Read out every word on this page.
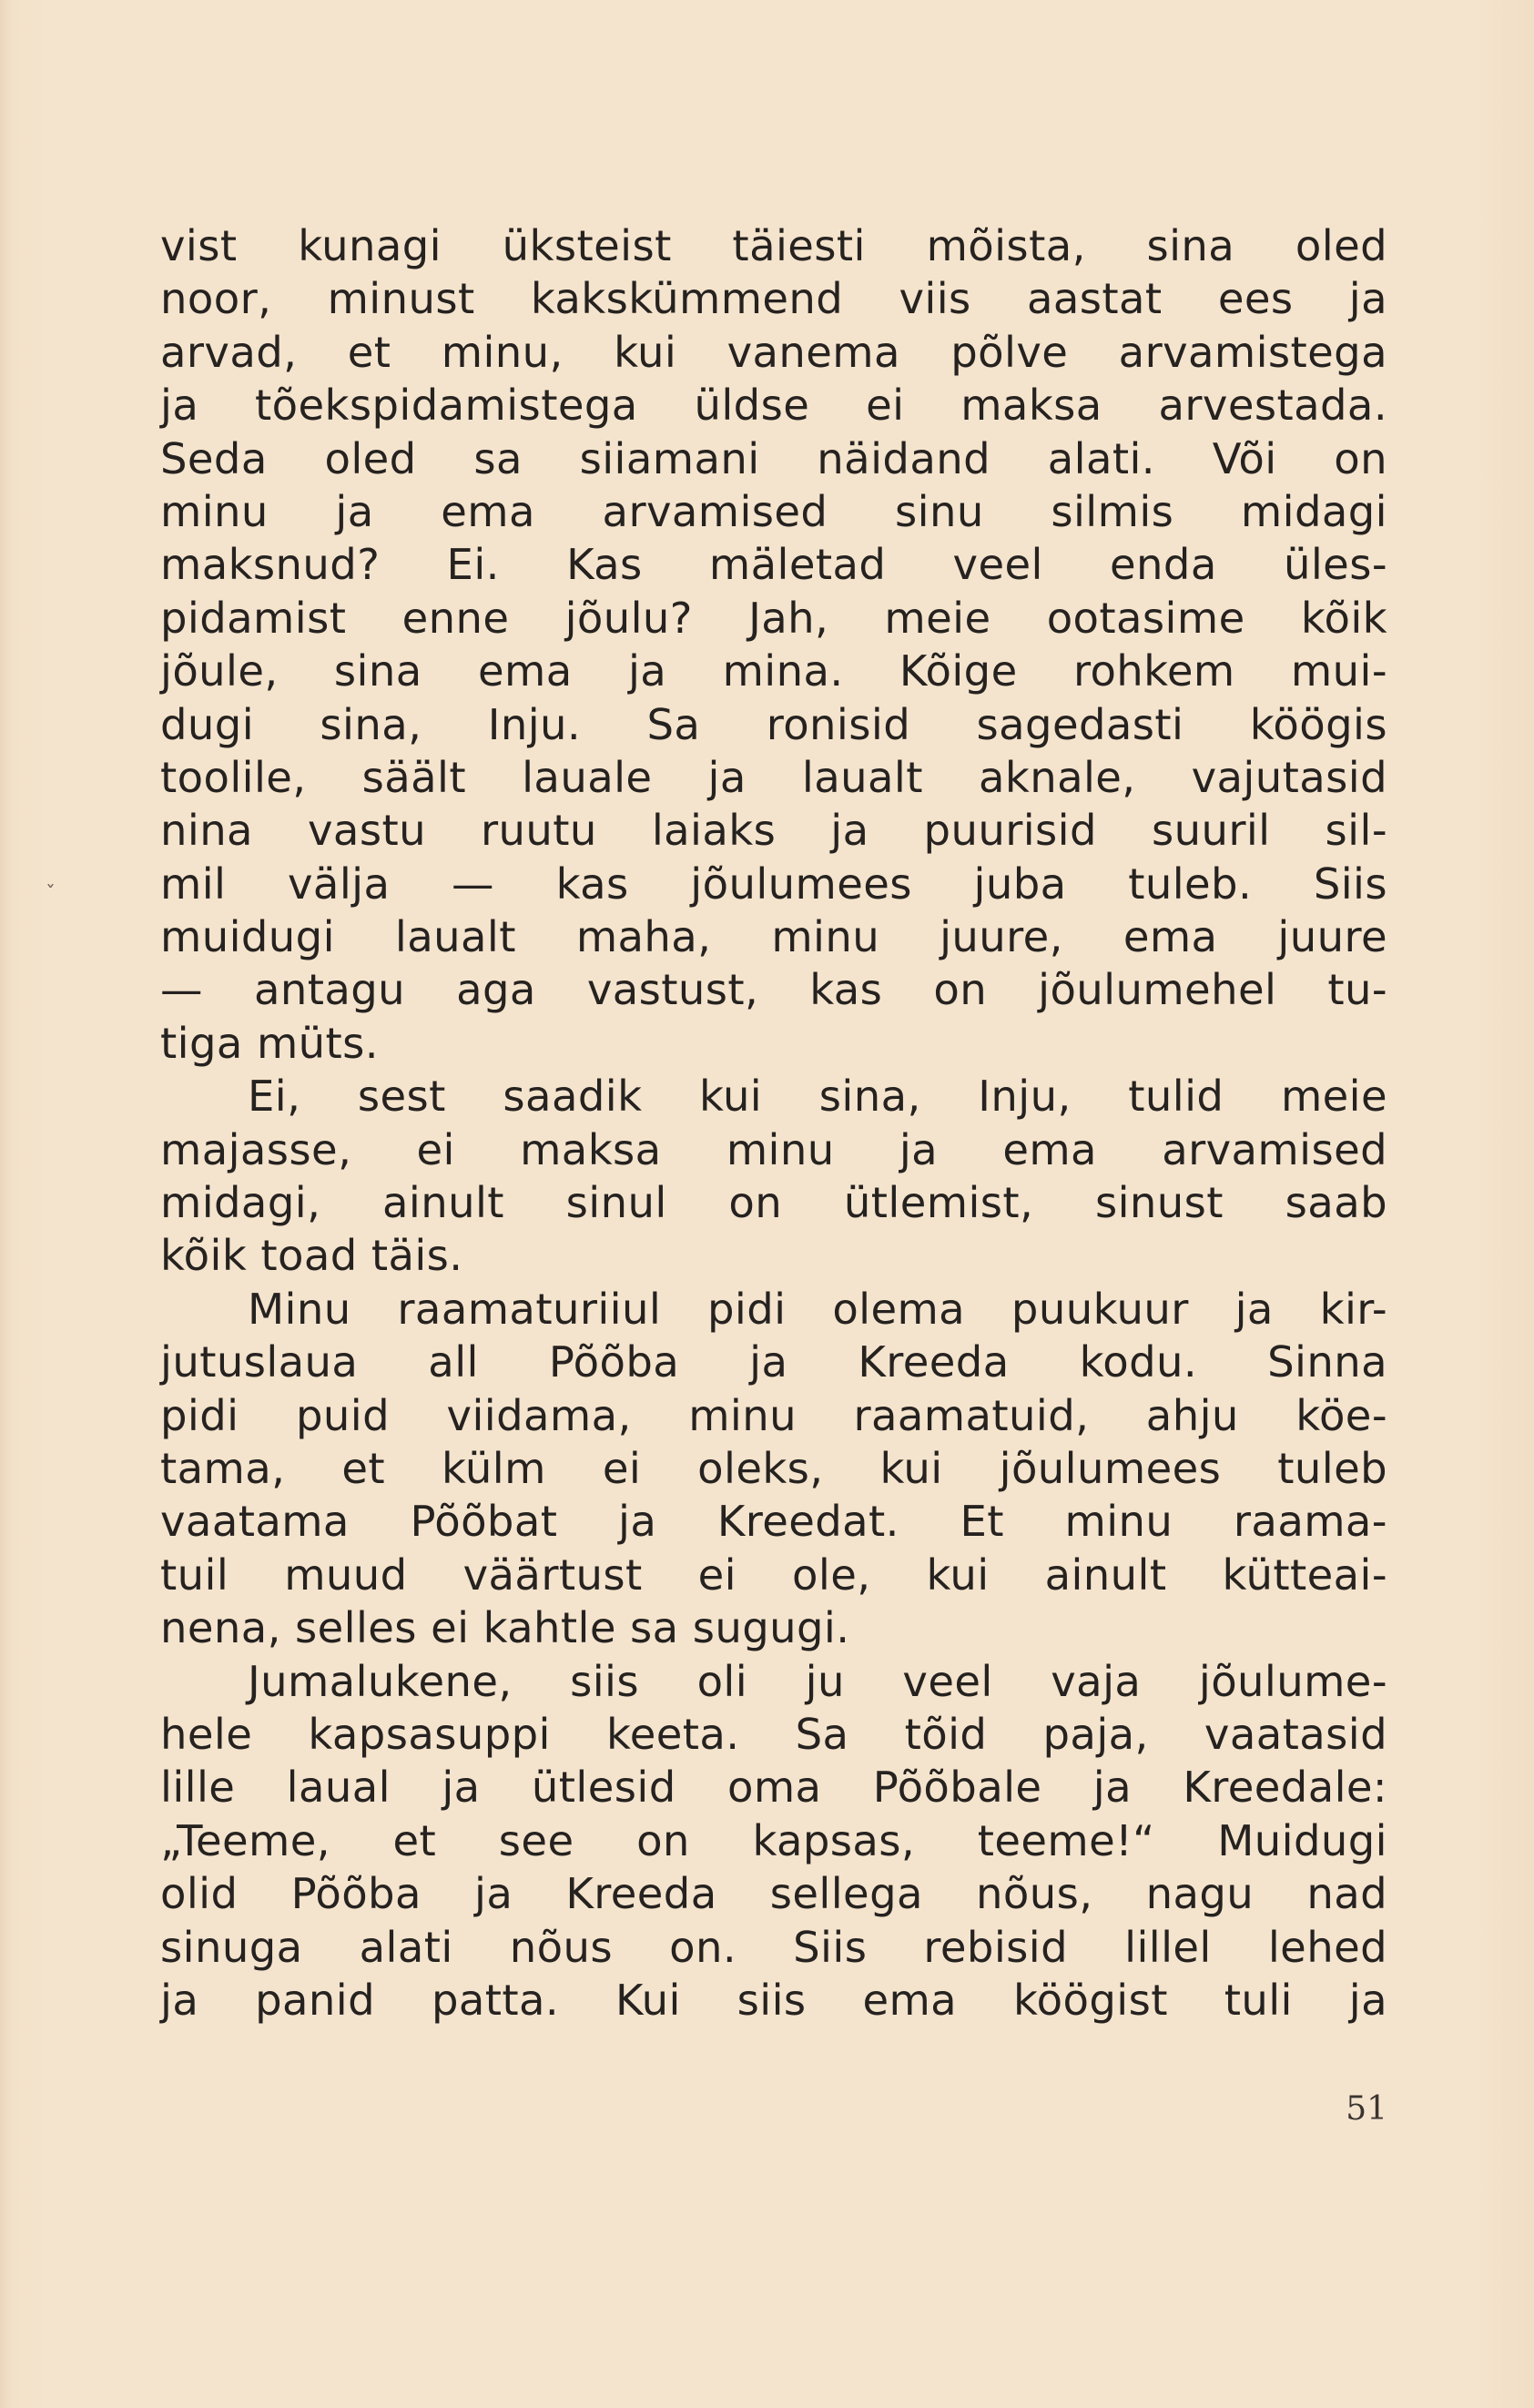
ˇ
vist kunagi üksteist täiesti mõista, sina oled
noor, minust kakskümmend viis aastat ees ja
arvad, et minu, kui vanema põlve arvamistega
ja tõekspidamistega üldse ei maksa arvestada.
Seda oled sa siiamani näidand alati. Või on
minu ja ema arvamised sinu silmis midagi
maksnud? Ei. Kas mäletad veel enda üles-
pidamist enne jõulu? Jah, meie ootasime kõik
jõule, sina ema ja mina. Kõige rohkem mui-
dugi sina, Inju. Sa ronisid sagedasti köögis
toolile, säält lauale ja laualt aknale, vajutasid
nina vastu ruutu laiaks ja puurisid suuril sil-
mil välja — kas jõulumees juba tuleb. Siis
muidugi laualt maha, minu juure, ema juure
— antagu aga vastust, kas on jõulumehel tu-
tiga müts.
Ei, sest saadik kui sina, Inju, tulid meie
majasse, ei maksa minu ja ema arvamised
midagi, ainult sinul on ütlemist, sinust saab
kõik toad täis.
Minu raamaturiiul pidi olema puukuur ja kir-
jutuslaua all Põõba ja Kreeda kodu. Sinna
pidi puid viidama, minu raamatuid, ahju köe-
tama, et külm ei oleks, kui jõulumees tuleb
vaatama Põõbat ja Kreedat. Et minu raama-
tuil muud väärtust ei ole, kui ainult kütteai-
nena, selles ei kahtle sa sugugi.
Jumalukene, siis oli ju veel vaja jõulume-
hele kapsasuppi keeta. Sa tõid paja, vaatasid
lille laual ja ütlesid oma Põõbale ja Kreedale:
„Teeme, et see on kapsas, teeme!“ Muidugi
olid Põõba ja Kreeda sellega nõus, nagu nad
sinuga alati nõus on. Siis rebisid lillel lehed
ja panid patta. Kui siis ema köögist tuli ja
51
